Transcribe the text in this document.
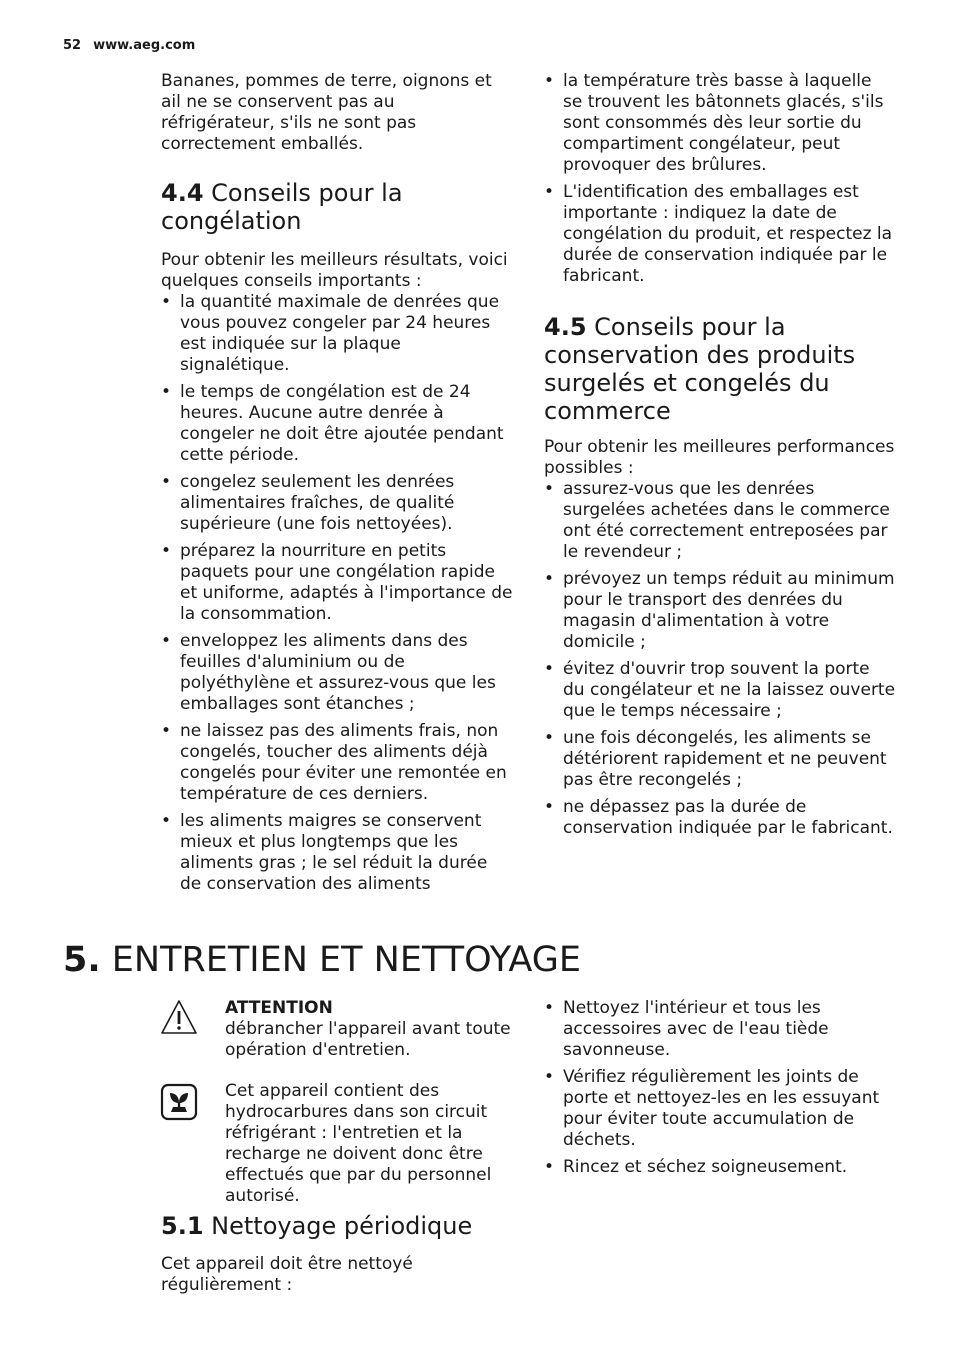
52 www.aeg.com

Bananes, pommes de terre, oignons et ail ne se conservent pas au réfrigérateur, s'ils ne sont pas correctement emballés.

4.4 Conseils pour la
congélation

Pour obtenir les meilleurs résultats, voici quelques conseils importants :

• la quantité maximale de denrées que vous pouvez congeler par 24 heures est indiquée sur la plaque signalétique.
• le temps de congélation est de 24 heures. Aucune autre denrée à congeler ne doit être ajoutée pendant cette période.
• congelez seulement les denrées alimentaires fraîches, de qualité supérieure (une fois nettoyées).
• préparez la nourriture en petits paquets pour une congélation rapide et uniforme, adaptés à l'importance de la consommation.
• enveloppez les aliments dans des feuilles d'aluminium ou de polyéthylène et assurez-vous que les emballages sont étanches ;
• ne laissez pas des aliments frais, non congelés, toucher des aliments déjà congelés pour éviter une remontée en température de ces derniers.
• les aliments maigres se conservent mieux et plus longtemps que les aliments gras ; le sel réduit la durée de conservation des aliments
• la température très basse à laquelle se trouvent les bâtonnets glacés, s'ils sont consommés dès leur sortie du compartiment congélateur, peut provoquer des brûlures.
• L'identification des emballages est importante : indiquez la date de congélation du produit, et respectez la durée de conservation indiquée par le fabricant.
4.5 Conseils pour la
conservation des produits
surgelés et congelés du
commerce

Pour obtenir les meilleures performances possibles :

• assurez-vous que les denrées surgelées achetées dans le commerce ont été correctement entreposées par le revendeur ;
• prévoyez un temps réduit au minimum pour le transport des denrées du magasin d'alimentation à votre domicile ;
• évitez d'ouvrir trop souvent la porte du congélateur et ne la laissez ouverte que le temps nécessaire ;
• une fois décongelés, les aliments se détériorent rapidement et ne peuvent pas être recongelés ;
• ne dépassez pas la durée de conservation indiquée par le fabricant.
5. ENTRETIEN ET NETTOYAGE

ATTENTION

débrancher l'appareil avant toute opération d'entretien.

Cet appareil contient des hydrocarbures dans son circuit réfrigérant : l'entretien et la recharge ne doivent donc être effectués que par du personnel autorisé.

5.1 Nettoyage périodique

Cet appareil doit être nettoyé régulièrement :

• Nettoyez l'intérieur et tous les accessoires avec de l'eau tiède savonneuse.
• Vérifiez régulièrement les joints de porte et nettoyez-les en les essuyant pour éviter toute accumulation de déchets.
• Rincez et séchez soigneusement.
